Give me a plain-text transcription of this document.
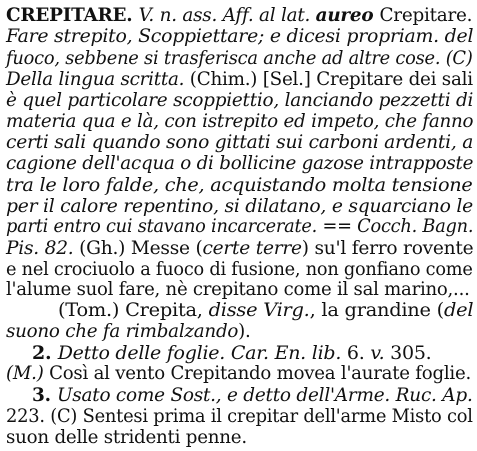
CREPITARE. V. n. ass. Aff. al lat. aureo Crepitare.
Fare strepito, Scoppiettare; e dicesi propriam. del
fuoco, sebbene si trasferisca anche ad altre cose. (C)
Della lingua scritta. (Chim.) [Sel.] Crepitare dei sali
è quel particolare scoppiettio, lanciando pezzetti di
materia qua e là, con istrepito ed impeto, che fanno
certi sali quando sono gittati sui carboni ardenti, a
cagione dell'acqua o di bollicine gazose intrapposte
tra le loro falde, che, acquistando molta tensione
per il calore repentino, si dilatano, e squarciano le
parti entro cui stavano incarcerate. == Cocch. Bagn.
Pis. 82. (Gh.) Messe (certe terre) su'l ferro rovente
e nel crociuolo a fuoco di fusione, non gonfiano come
l'alume suol fare, nè crepitano come il sal marino,...
(Tom.) Crepita, disse Virg., la grandine (del
suono che fa rimbalzando).
2. Detto delle foglie. Car. En. lib. 6. v. 305.
(M.) Così al vento Crepitando movea l'aurate foglie.
3. Usato come Sost., e detto dell'Arme. Ruc. Ap.
223. (C) Sentesi prima il crepitar dell'arme Misto col
suon delle stridenti penne.
